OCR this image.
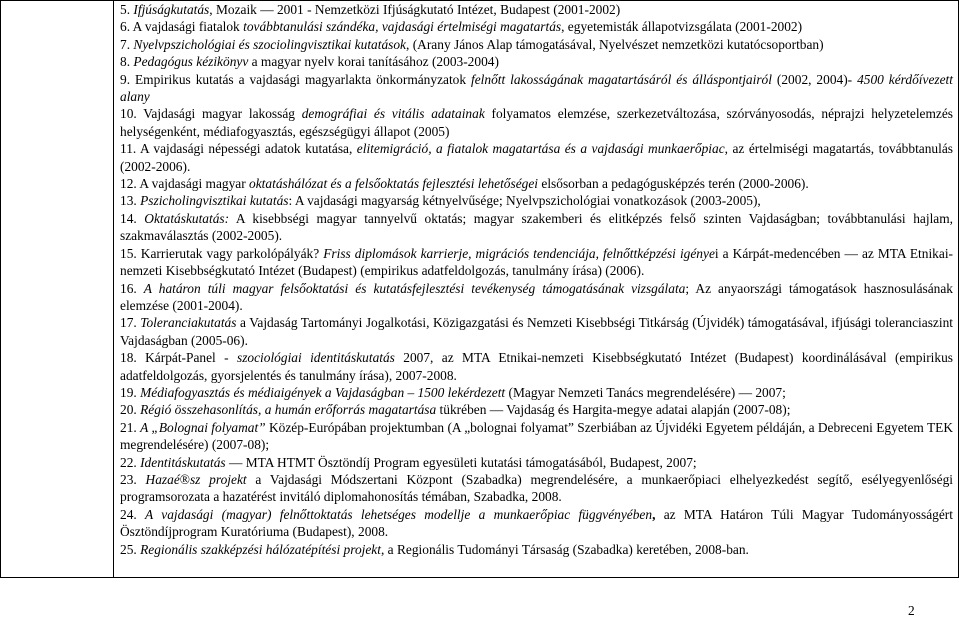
5. Ifjúságkutatás, Mozaik — 2001 - Nemzetközi Ifjúságkutató Intézet, Budapest (2001-2002)

6. A vajdasági fiatalok továbbtanulási szándéka, vajdasági értelmiségi magatartás, egyetemisták állapotvizsgálata (2001-2002)

7. Nyelvpszichológiai és szociolingvisztikai kutatások, (Arany János Alap támogatásával, Nyelvészet nemzetközi kutatócsoportban)

8. Pedagógus kézikönyv a magyar nyelv korai tanításához (2003-2004)

9. Empirikus kutatás a vajdasági magyarlakta önkormányzatok felnőtt lakosságának magatartásáról és álláspontjairól (2002, 2004)- 4500 kérdőívezett alany

10. Vajdasági magyar lakosság demográfiai és vitális adatainak folyamatos elemzése, szerkezetváltozása, szórványosodás, néprajzi helyzetelemzés helységenként, médiafogyasztás, egészségügyi állapot (2005)

11. A vajdasági népességi adatok kutatása, elitemigráció, a fiatalok magatartása és a vajdasági munkaerőpiac, az értelmiségi magatartás, továbbtanulás (2002-2006).

12. A vajdasági magyar oktatáshálózat és a felsőoktatás fejlesztési lehetőségei elsősorban a pedagógusképzés terén (2000-2006).

13. Pszicholingvisztikai kutatás: A vajdasági magyarság kétnyelvűsége; Nyelvpszichológiai vonatkozások (2003-2005),

14. Oktatáskutatás: A kisebbségi magyar tannyelvű oktatás; magyar szakemberi és elitképzés felső szinten Vajdaságban; továbbtanulási hajlam, szakmaválasztás (2002-2005).

15. Karrierutak vagy parkolópályák? Friss diplomások karrierje, migrációs tendenciája, felnőttképzési igényei a Kárpát-medencében — az MTA Etnikai-nemzeti Kisebbségkutató Intézet (Budapest) (empirikus adatfeldolgozás, tanulmány írása) (2006).

16. A határon túli magyar felsőoktatási és kutatásfejlesztési tevékenység támogatásának vizsgálata; Az anyaországi támogatások hasznosulásának elemzése (2001-2004).

17. Toleranciakutatás a Vajdaság Tartományi Jogalkotási, Közigazgatási és Nemzeti Kisebbségi Titkárság (Újvidék) támogatásával, ifjúsági toleranciaszint Vajdaságban (2005-06).

18. Kárpát-Panel - szociológiai identitáskutatás 2007, az MTA Etnikai-nemzeti Kisebbségkutató Intézet (Budapest) koordinálásával (empirikus adatfeldolgozás, gyorsjelentés és tanulmány írása), 2007-2008.

19. Médiafogyasztás és médiaigények a Vajdaságban – 1500 lekérdezett (Magyar Nemzeti Tanács megrendelésére) — 2007;

20. Régió összehasonlítás, a humán erőforrás magatartása tükrében — Vajdaság és Hargita-megye adatai alapján (2007-08);

21. A „Bolognai folyamat” Közép-Európában projektumban (A „bolognai folyamat” Szerbiában az Újvidéki Egyetem példáján, a Debreceni Egyetem TEK megrendelésére) (2007-08);

22. Identitáskutatás — MTA HTMT Ösztöndíj Program egyesületi kutatási támogatásából, Budapest, 2007;

23. Hazaé®sz projekt a Vajdasági Módszertani Központ (Szabadka) megrendelésére, a munkaerőpiaci elhelyezkedést segítő, esélyegyenlőségi programsorozata a hazatérést invitáló diplomahonosítás témában, Szabadka, 2008.

24. A vajdasági (magyar) felnőttoktatás lehetséges modellje a munkaerőpiac függvényében, az MTA Határon Túli Magyar Tudományosságért Ösztöndíjprogram Kuratóriuma (Budapest), 2008.

25. Regionális szakképzési hálózatépítési projekt, a Regionális Tudományi Társaság (Szabadka) keretében, 2008-ban.

2
